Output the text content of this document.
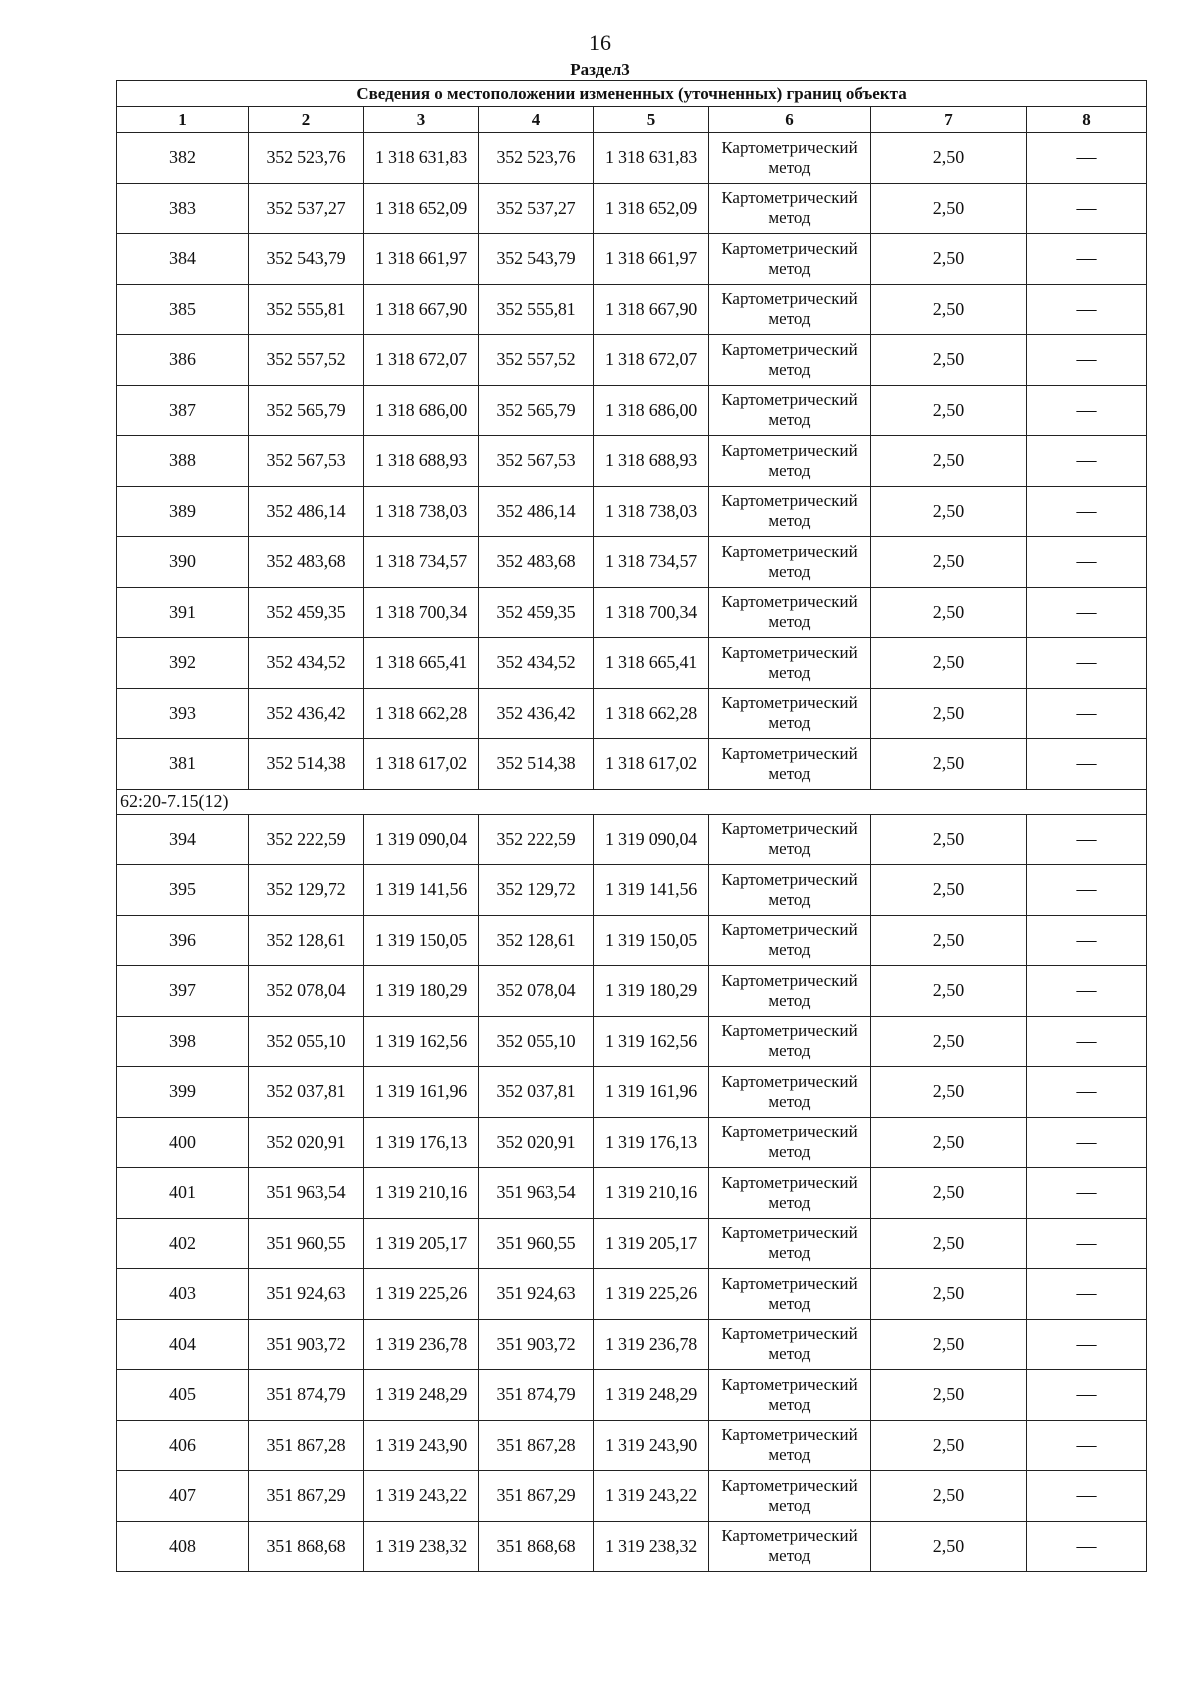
16
Раздел3
Сведения о местоположении измененных (уточненных) границ объекта							
1	2	3	4	5	6	7	8
382	352 523,76	1 318 631,83	352 523,76	1 318 631,83	Картометрический метод	2,50	—
383	352 537,27	1 318 652,09	352 537,27	1 318 652,09	Картометрический метод	2,50	—
384	352 543,79	1 318 661,97	352 543,79	1 318 661,97	Картометрический метод	2,50	—
385	352 555,81	1 318 667,90	352 555,81	1 318 667,90	Картометрический метод	2,50	—
386	352 557,52	1 318 672,07	352 557,52	1 318 672,07	Картометрический метод	2,50	—
387	352 565,79	1 318 686,00	352 565,79	1 318 686,00	Картометрический метод	2,50	—
388	352 567,53	1 318 688,93	352 567,53	1 318 688,93	Картометрический метод	2,50	—
389	352 486,14	1 318 738,03	352 486,14	1 318 738,03	Картометрический метод	2,50	—
390	352 483,68	1 318 734,57	352 483,68	1 318 734,57	Картометрический метод	2,50	—
391	352 459,35	1 318 700,34	352 459,35	1 318 700,34	Картометрический метод	2,50	—
392	352 434,52	1 318 665,41	352 434,52	1 318 665,41	Картометрический метод	2,50	—
393	352 436,42	1 318 662,28	352 436,42	1 318 662,28	Картометрический метод	2,50	—
381	352 514,38	1 318 617,02	352 514,38	1 318 617,02	Картометрический метод	2,50	—
62:20-7.15(12)							
394	352 222,59	1 319 090,04	352 222,59	1 319 090,04	Картометрический метод	2,50	—
395	352 129,72	1 319 141,56	352 129,72	1 319 141,56	Картометрический метод	2,50	—
396	352 128,61	1 319 150,05	352 128,61	1 319 150,05	Картометрический метод	2,50	—
397	352 078,04	1 319 180,29	352 078,04	1 319 180,29	Картометрический метод	2,50	—
398	352 055,10	1 319 162,56	352 055,10	1 319 162,56	Картометрический метод	2,50	—
399	352 037,81	1 319 161,96	352 037,81	1 319 161,96	Картометрический метод	2,50	—
400	352 020,91	1 319 176,13	352 020,91	1 319 176,13	Картометрический метод	2,50	—
401	351 963,54	1 319 210,16	351 963,54	1 319 210,16	Картометрический метод	2,50	—
402	351 960,55	1 319 205,17	351 960,55	1 319 205,17	Картометрический метод	2,50	—
403	351 924,63	1 319 225,26	351 924,63	1 319 225,26	Картометрический метод	2,50	—
404	351 903,72	1 319 236,78	351 903,72	1 319 236,78	Картометрический метод	2,50	—
405	351 874,79	1 319 248,29	351 874,79	1 319 248,29	Картометрический метод	2,50	—
406	351 867,28	1 319 243,90	351 867,28	1 319 243,90	Картометрический метод	2,50	—
407	351 867,29	1 319 243,22	351 867,29	1 319 243,22	Картометрический метод	2,50	—
408	351 868,68	1 319 238,32	351 868,68	1 319 238,32	Картометрический метод	2,50	—
